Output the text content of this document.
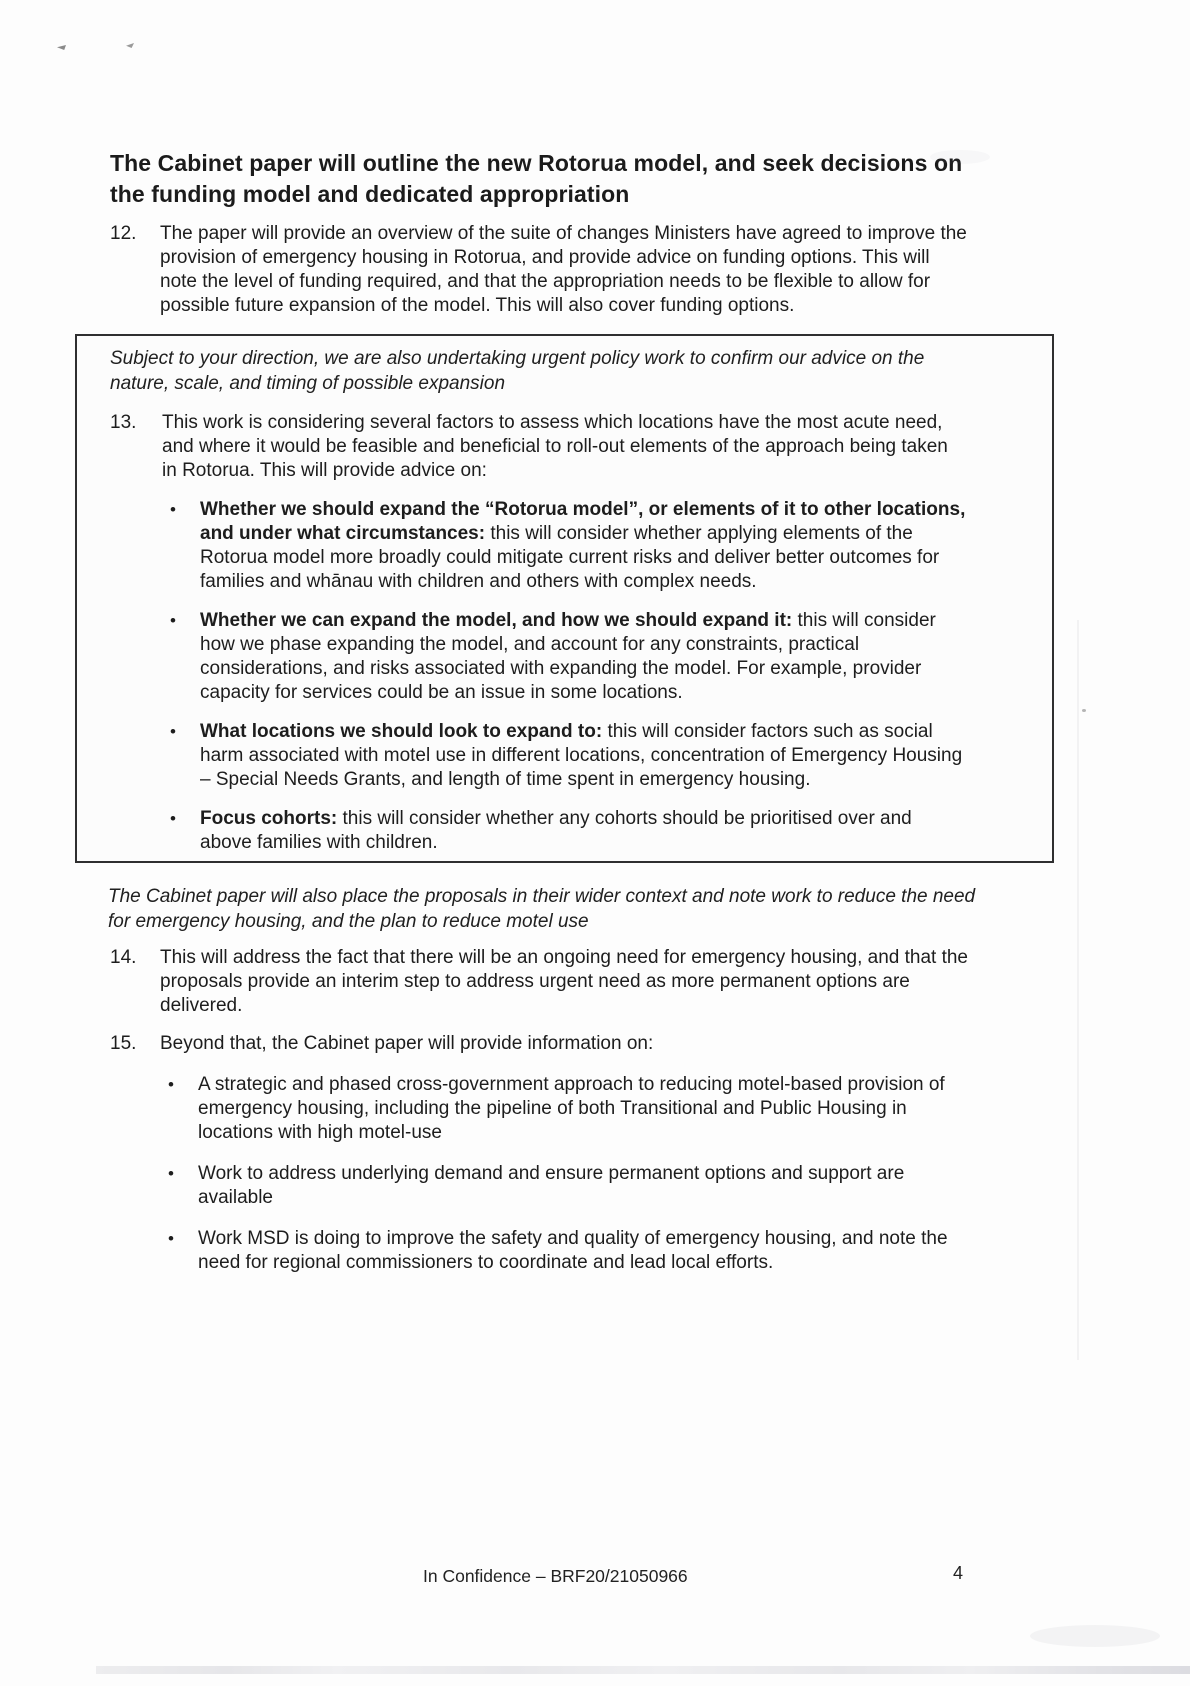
The Cabinet paper will outline the new Rotorua model, and seek decisions on the funding model and dedicated appropriation
12.	The paper will provide an overview of the suite of changes Ministers have agreed to improve the provision of emergency housing in Rotorua, and provide advice on funding options. This will note the level of funding required, and that the appropriation needs to be flexible to allow for possible future expansion of the model. This will also cover funding options.
Subject to your direction, we are also undertaking urgent policy work to confirm our advice on the nature, scale, and timing of possible expansion
13.	This work is considering several factors to assess which locations have the most acute need, and where it would be feasible and beneficial to roll-out elements of the approach being taken in Rotorua. This will provide advice on:
•	Whether we should expand the “Rotorua model”, or elements of it to other locations, and under what circumstances: this will consider whether applying elements of the Rotorua model more broadly could mitigate current risks and deliver better outcomes for families and whānau with children and others with complex needs.
•	Whether we can expand the model, and how we should expand it: this will consider how we phase expanding the model, and account for any constraints, practical considerations, and risks associated with expanding the model. For example, provider capacity for services could be an issue in some locations.
•	What locations we should look to expand to: this will consider factors such as social harm associated with motel use in different locations, concentration of Emergency Housing – Special Needs Grants, and length of time spent in emergency housing.
•	Focus cohorts: this will consider whether any cohorts should be prioritised over and above families with children.
The Cabinet paper will also place the proposals in their wider context and note work to reduce the need for emergency housing, and the plan to reduce motel use
14.	This will address the fact that there will be an ongoing need for emergency housing, and that the proposals provide an interim step to address urgent need as more permanent options are delivered.
15.	Beyond that, the Cabinet paper will provide information on:
•	A strategic and phased cross-government approach to reducing motel-based provision of emergency housing, including the pipeline of both Transitional and Public Housing in locations with high motel-use
•	Work to address underlying demand and ensure permanent options and support are available
•	Work MSD is doing to improve the safety and quality of emergency housing, and note the need for regional commissioners to coordinate and lead local efforts.
In Confidence – BRF20/21050966	4
